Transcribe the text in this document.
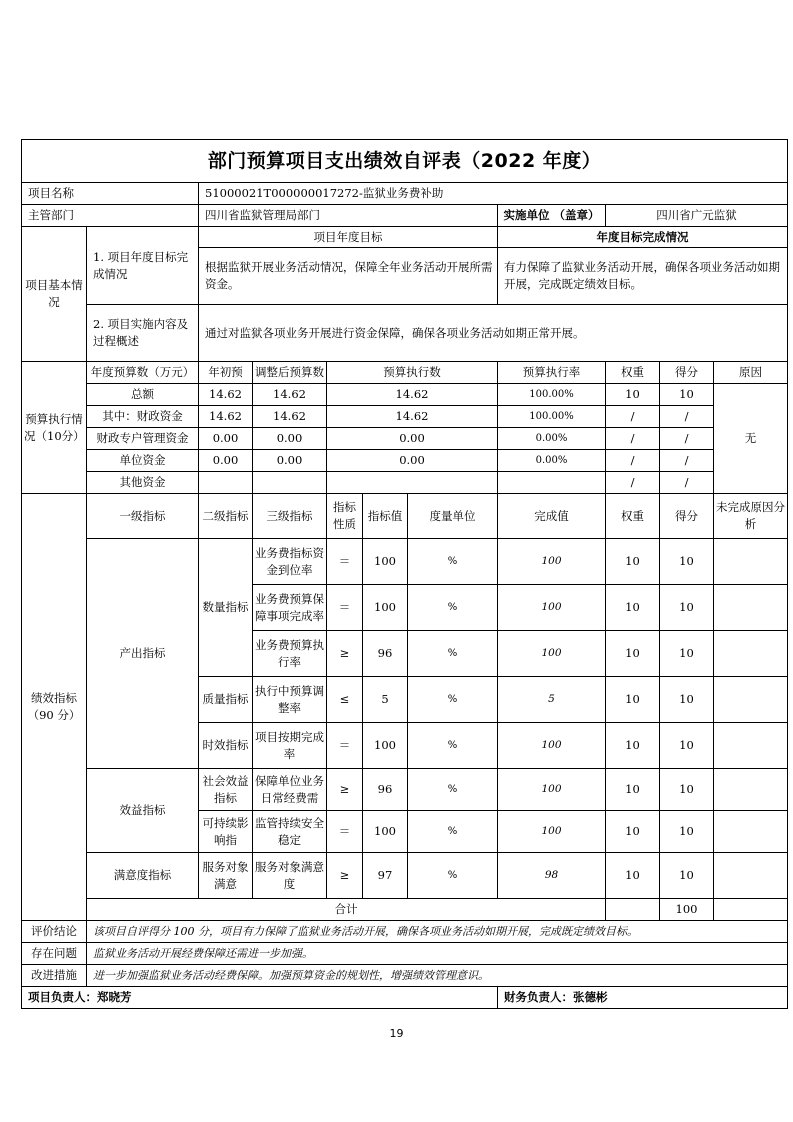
部门预算项目支出绩效自评表（2022 年度）										
项目名称		51000021T000000017272-监狱业务费补助								
主管部门		四川省监狱管理局部门					实施单位 （盖章）	四川省广元监狱		
项目基本情况	1. 项目年度目标完成情况	项目年度目标					年度目标完成情况			
		根据监狱开展业务活动情况，保障全年业务活动开展所需资金。					有力保障了监狱业务活动开展，确保各项业务活动如期开展，完成既定绩效目标。			
	2. 项目实施内容及过程概述	通过对监狱各项业务开展进行资金保障，确保各项业务活动如期正常开展。								

预算执行情况（10分）	年度预算数（万元）	年初预	调整后预算数	预算执行数			预算执行率	权重	得分	原因
	总额	14.62	14.62	14.62			100.00%	10	10	无
	其中：财政资金	14.62	14.62	14.62			100.00%	/	/	
	财政专户管理资金	0.00	0.00	0.00			0.00%	/	/	
	单位资金	0.00	0.00	0.00			0.00%	/	/	
	其他资金							/	/	
绩效指标（90 分）	一级指标	二级指标	三级指标	指标性质	指标值	度量单位	完成值	权重	得分	未完成原因分析
	产出指标	数量指标	业务费指标资金到位率	＝	100	%	100	10	10	
			业务费预算保障事项完成率	＝	100	%	100	10	10	
			业务费预算执行率	≥	96	%	100	10	10	
		质量指标	执行中预算调整率	≤	5	%	5	10	10	
		时效指标	项目按期完成率	＝	100	%	100	10	10	
	效益指标	社会效益指标	保障单位业务日常经费需	≥	96	%	100	10	10	
		可持续影响指	监管持续安全稳定	＝	100	%	100	10	10	
	满意度指标	服务对象满意	服务对象满意度	≥	97	%	98	10	10	
	合计								100	
评价结论	该项目自评得分 100 分，项目有力保障了监狱业务活动开展，确保各项业务活动如期开展，完成既定绩效目标。									
存在问题	监狱业务活动开展经费保障还需进一步加强。									
改进措施	进一步加强监狱业务活动经费保障。加强预算资金的规划性，增强绩效管理意识。									
项目负责人：郑晓芳							财务负责人：张德彬			
19
